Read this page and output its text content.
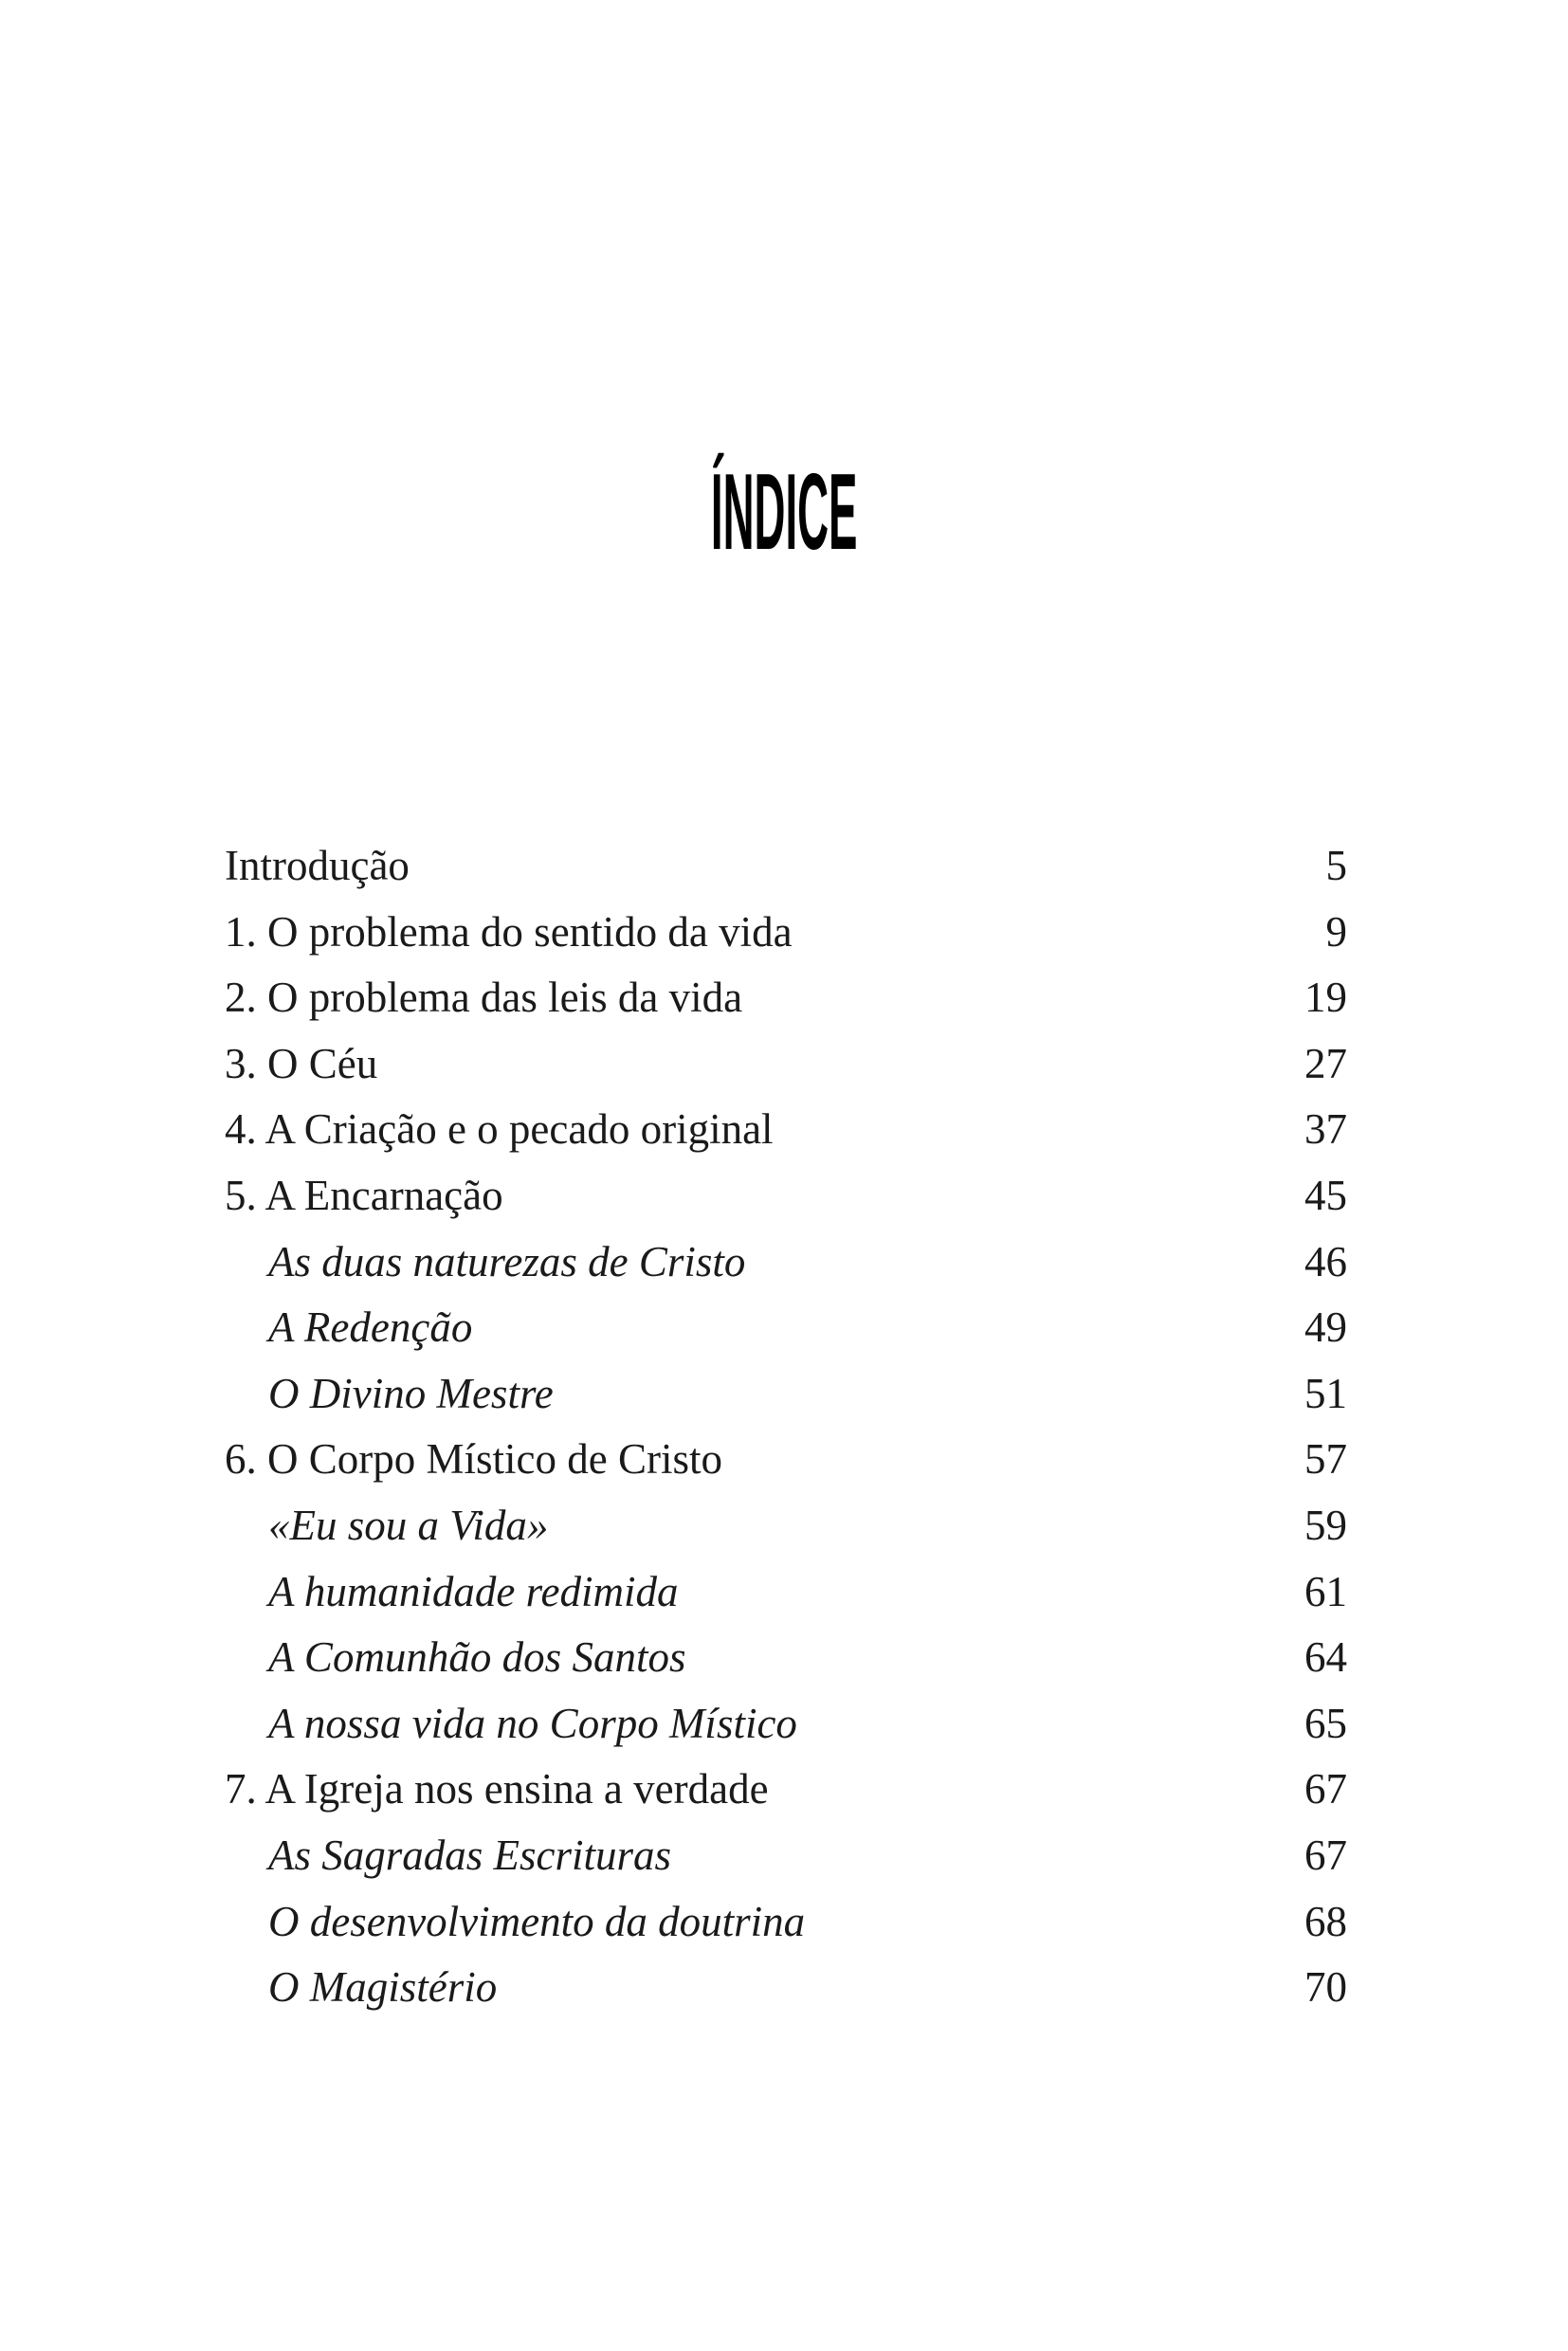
ÍNDICE
Introdução	5
1. O problema do sentido da vida	9
2. O problema das leis da vida	19
3. O Céu	27
4. A Criação e o pecado original	37
5. A Encarnação	45
As duas naturezas de Cristo	46
A Redenção	49
O Divino Mestre	51
6. O Corpo Místico de Cristo	57
«Eu sou a Vida»	59
A humanidade redimida	61
A Comunhão dos Santos	64
A nossa vida no Corpo Místico	65
7. A Igreja nos ensina a verdade	67
As Sagradas Escrituras	67
O desenvolvimento da doutrina	68
O Magistério	70
